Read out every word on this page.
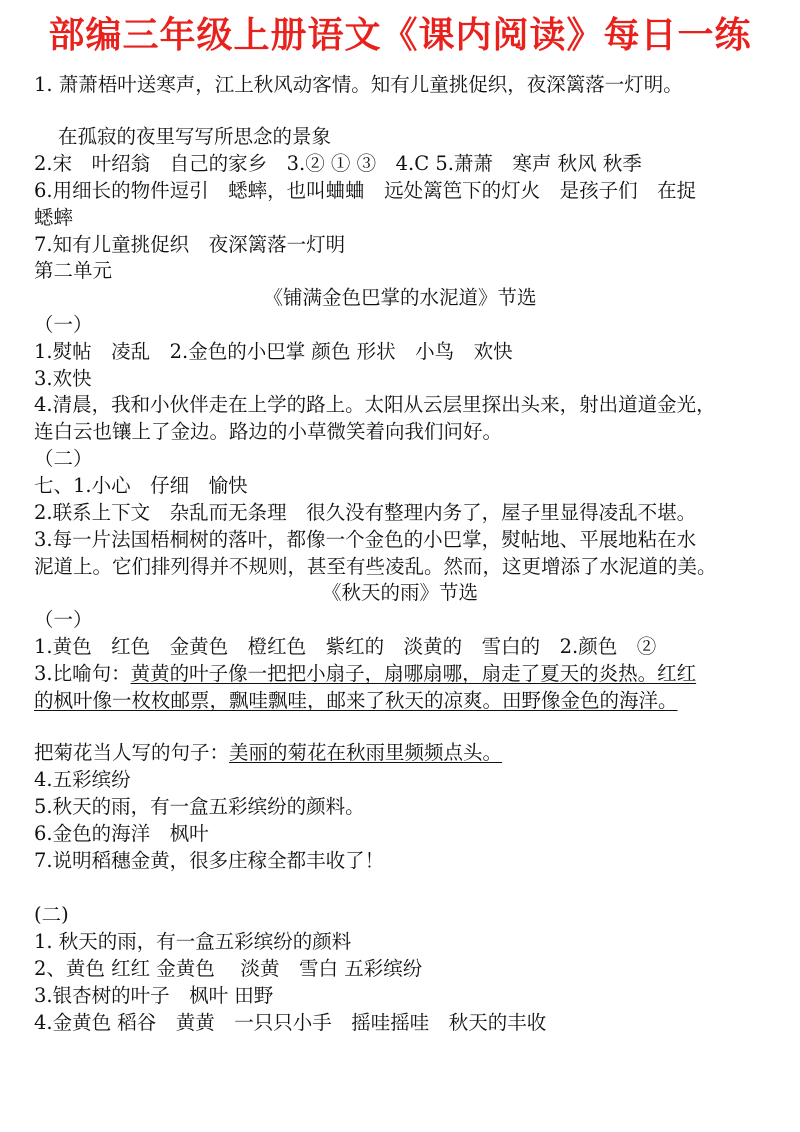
部编三年级上册语文《课内阅读》每日一练
1. 萧萧梧叶送寒声，江上秋风动客情。知有儿童挑促织，夜深篱落一灯明。
在孤寂的夜里写写所思念的景象
2.宋　叶绍翁　自己的家乡　3.② ① ③　4.C 5.萧萧　寒声 秋风 秋季
6.用细长的物件逗引　蟋蟀，也叫蛐蛐　远处篱笆下的灯火　是孩子们　在捉
蟋蟀
7.知有儿童挑促织　夜深篱落一灯明
第二单元
《铺满金色巴掌的水泥道》节选
（一）
1.熨帖　凌乱　2.金色的小巴掌 颜色 形状　小鸟　欢快
3.欢快
4.清晨，我和小伙伴走在上学的路上。太阳从云层里探出头来，射出道道金光，
连白云也镶上了金边。路边的小草微笑着向我们问好。
（二）
七、1.小心　仔细　愉快
2.联系上下文　杂乱而无条理　很久没有整理内务了，屋子里显得凌乱不堪。
3.每一片法国梧桐树的落叶，都像一个金色的小巴掌，熨帖地、平展地粘在水
泥道上。它们排列得并不规则，甚至有些凌乱。然而，这更增添了水泥道的美。
《秋天的雨》节选
（一）
1.黄色　红色　金黄色　橙红色　紫红的　淡黄的　雪白的　2.颜色　②
3.比喻句：黄黄的叶子像一把把小扇子，扇哪扇哪，扇走了夏天的炎热。红红
的枫叶像一枚枚邮票，飘哇飘哇，邮来了秋天的凉爽。田野像金色的海洋。
把菊花当人写的句子：美丽的菊花在秋雨里频频点头。
4.五彩缤纷
5.秋天的雨，有一盒五彩缤纷的颜料。
6.金色的海洋　枫叶
7.说明稻穗金黄，很多庄稼全都丰收了！
(二)
1. 秋天的雨，有一盒五彩缤纷的颜料
2、黄色 红红 金黄色　 淡黄　雪白 五彩缤纷
3.银杏树的叶子　枫叶 田野
4.金黄色 稻谷　黄黄　一只只小手　摇哇摇哇　秋天的丰收
